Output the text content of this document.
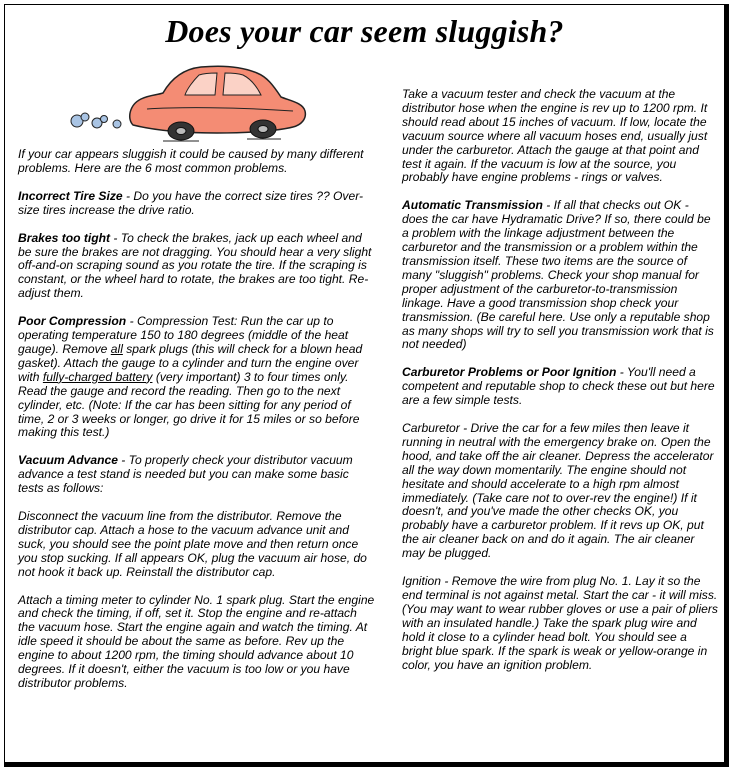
Does your car seem sluggish?

If your car appears sluggish it could be caused by many different problems. Here are the 6 most common problems.

Incorrect Tire Size - Do you have the correct size tires ?? Over-size tires increase the drive ratio.

Brakes too tight - To check the brakes, jack up each wheel and be sure the brakes are not dragging. You should hear a very slight off-and-on scraping sound as you rotate the tire. If the scraping is constant, or the wheel hard to rotate, the brakes are too tight. Re-adjust them.

Poor Compression - Compression Test: Run the car up to operating temperature 150 to 180 degrees (middle of the heat gauge). Remove all spark plugs (this will check for a blown head gasket). Attach the gauge to a cylinder and turn the engine over with fully-charged battery (very important) 3 to four times only. Read the gauge and record the reading. Then go to the next cylinder, etc. (Note: If the car has been sitting for any period of time, 2 or 3 weeks or longer, go drive it for 15 miles or so before making this test.)

Vacuum Advance - To properly check your distributor vacuum advance a test stand is needed but you can make some basic tests as follows:

Disconnect the vacuum line from the distributor. Remove the distributor cap. Attach a hose to the vacuum advance unit and suck, you should see the point plate move and then return once you stop sucking. If all appears OK, plug the vacuum air hose, do not hook it back up. Reinstall the distributor cap.

Attach a timing meter to cylinder No. 1 spark plug. Start the engine and check the timing, if off, set it. Stop the engine and re-attach the vacuum hose. Start the engine again and watch the timing. At idle speed it should be about the same as before. Rev up the engine to about 1200 rpm, the timing should advance about 10 degrees. If it doesn't, either the vacuum is too low or you have distributor problems.

Take a vacuum tester and check the vacuum at the distributor hose when the engine is rev up to 1200 rpm. It should read about 15 inches of vacuum. If low, locate the vacuum source where all vacuum hoses end, usually just under the carburetor. Attach the gauge at that point and test it again. If the vacuum is low at the source, you probably have engine problems - rings or valves.

Automatic Transmission - If all that checks out OK - does the car have Hydramatic Drive? If so, there could be a problem with the linkage adjustment between the carburetor and the transmission or a problem within the transmission itself. These two items are the source of many "sluggish" problems. Check your shop manual for proper adjustment of the carburetor-to-transmission linkage. Have a good transmission shop check your transmission. (Be careful here. Use only a reputable shop as many shops will try to sell you transmission work that is not needed)

Carburetor Problems or Poor Ignition - You'll need a competent and reputable shop to check these out but here are a few simple tests.

Carburetor - Drive the car for a few miles then leave it running in neutral with the emergency brake on. Open the hood, and take off the air cleaner. Depress the accelerator all the way down momentarily. The engine should not hesitate and should accelerate to a high rpm almost immediately. (Take care not to over-rev the engine!) If it doesn't, and you've made the other checks OK, you probably have a carburetor problem. If it revs up OK, put the air cleaner back on and do it again. The air cleaner may be plugged.

Ignition - Remove the wire from plug No. 1. Lay it so the end terminal is not against metal. Start the car - it will miss. (You may want to wear rubber gloves or use a pair of pliers with an insulated handle.) Take the spark plug wire and hold it close to a cylinder head bolt. You should see a bright blue spark. If the spark is weak or yellow-orange in color, you have an ignition problem.
